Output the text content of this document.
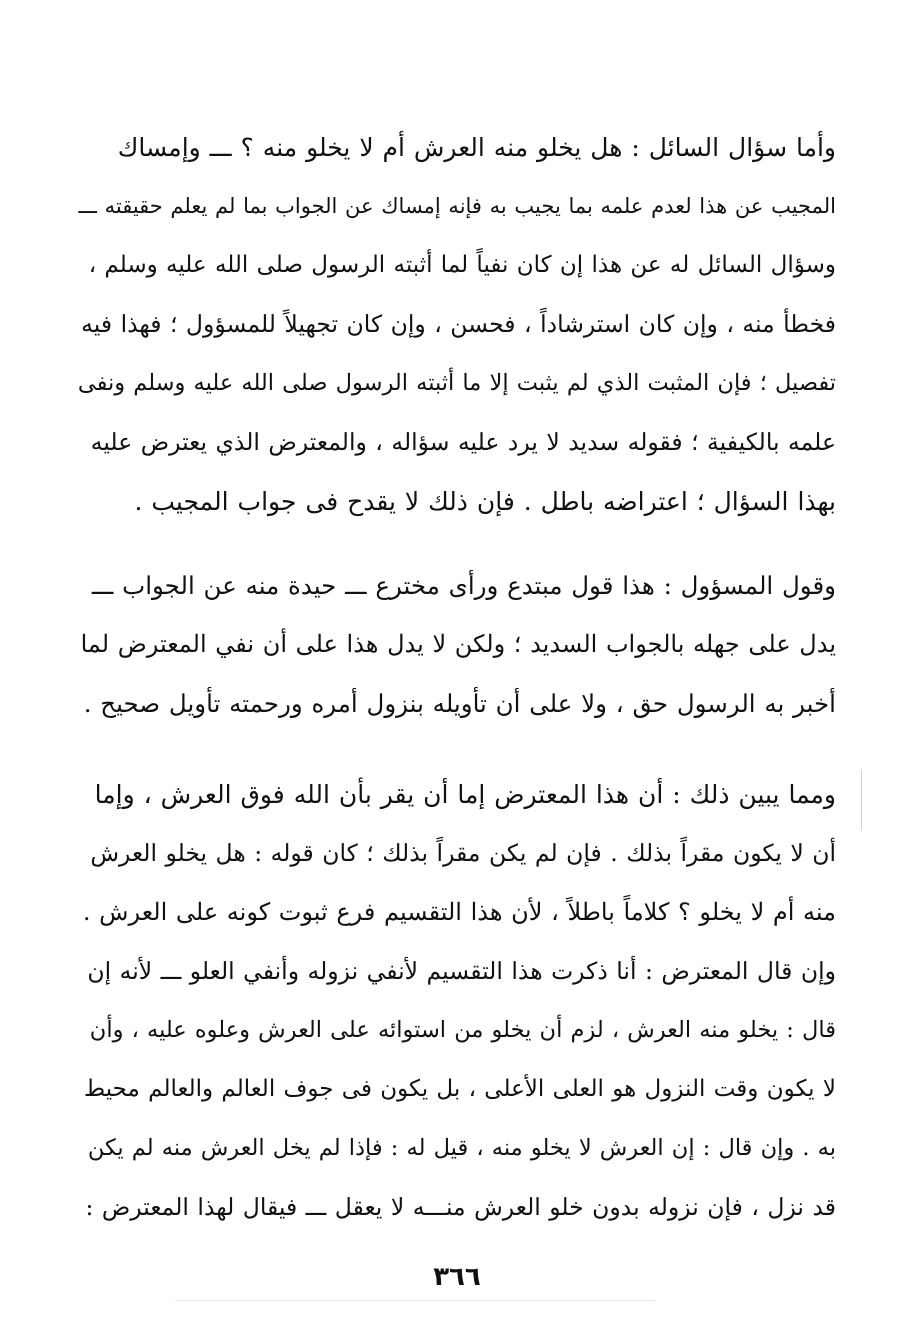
وأما سؤال السائل : هل يخلو منه العرش أم لا يخلو منه ؟ ـــ وإمساك
المجيب عن هذا لعدم علمه بما يجيب به فإنه إمساك عن الجواب بما لم يعلم حقيقته ـــ
وسؤال السائل له عن هذا إن كان نفياً لما أثبته الرسول صلى الله عليه وسلم ،
فخطأ منه ، وإن كان استرشاداً ، فحسن ، وإن كان تجهيلاً للمسؤول ؛ فهذا فيه
تفصيل ؛ فإن المثبت الذي لم يثبت إلا ما أثبته الرسول صلى الله عليه وسلم ونفى
علمه بالكيفية ؛ فقوله سديد لا يرد عليه سؤاله ، والمعترض الذي يعترض عليه
بهذا السؤال ؛ اعتراضه باطل . فإن ذلك لا يقدح فى جواب المجيب .
وقول المسؤول : هذا قول مبتدع ورأى مخترع ـــ حيدة منه عن الجواب ـــ
يدل على جهله بالجواب السديد ؛ ولكن لا يدل هذا على أن نفي المعترض لما
أخبر به الرسول حق ، ولا على أن تأويله بنزول أمره ورحمته تأويل صحيح .
ومما يبين ذلك : أن هذا المعترض إما أن يقر بأن الله فوق العرش ، وإما
أن لا يكون مقراً بذلك . فإن لم يكن مقراً بذلك ؛ كان قوله : هل يخلو العرش
منه أم لا يخلو ؟ كلاماً باطلاً ، لأن هذا التقسيم فرع ثبوت كونه على العرش .
وإن قال المعترض : أنا ذكرت هذا التقسيم لأنفي نزوله وأنفي العلو ـــ لأنه إن
قال : يخلو منه العرش ، لزم أن يخلو من استوائه على العرش وعلوه عليه ، وأن
لا يكون وقت النزول هو العلى الأعلى ، بل يكون فى جوف العالم والعالم محيط
به . وإن قال : إن العرش لا يخلو منه ، قيل له : فإذا لم يخل العرش منه لم يكن
قد نزل ، فإن نزوله بدون خلو العرش منـــه لا يعقل ـــ فيقال لهذا المعترض :
٣٦٦
